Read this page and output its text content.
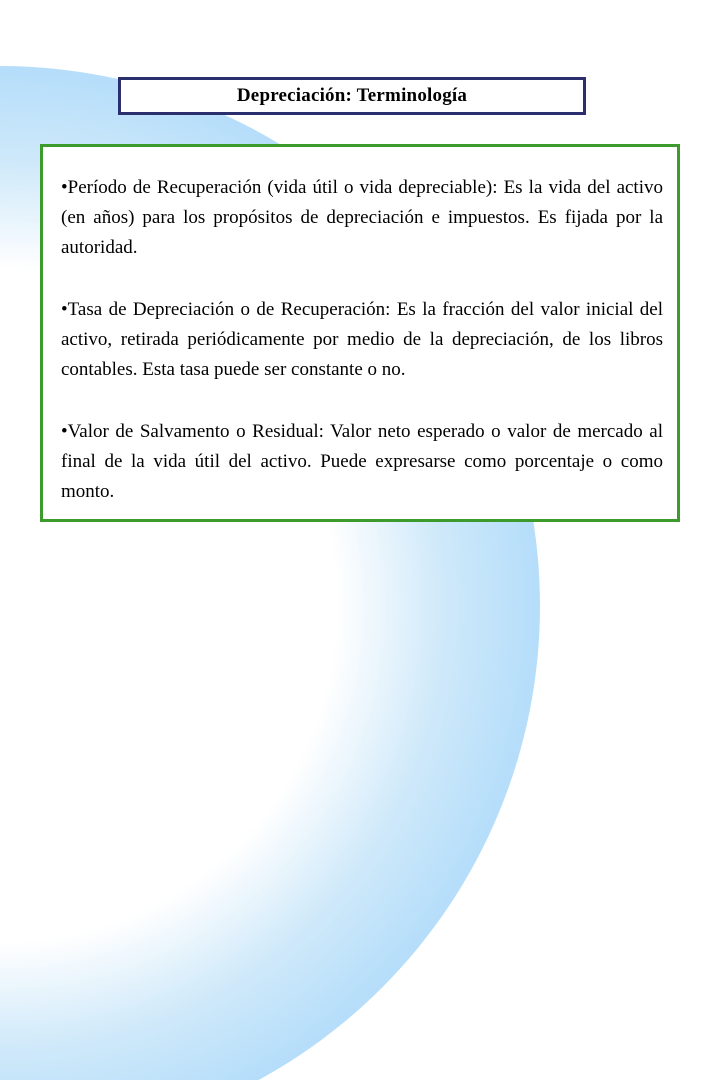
Depreciación: Terminología
•Período de Recuperación (vida útil o vida depreciable): Es la vida del activo (en años) para los propósitos de depreciación e impuestos. Es fijada por la autoridad.
•Tasa de Depreciación o de Recuperación: Es la fracción del valor inicial del activo, retirada periódicamente por medio de la depreciación, de los libros contables. Esta tasa puede ser constante o no.
•Valor de Salvamento o Residual: Valor neto esperado o valor de mercado al final de la vida útil del activo. Puede expresarse como porcentaje o como monto.
